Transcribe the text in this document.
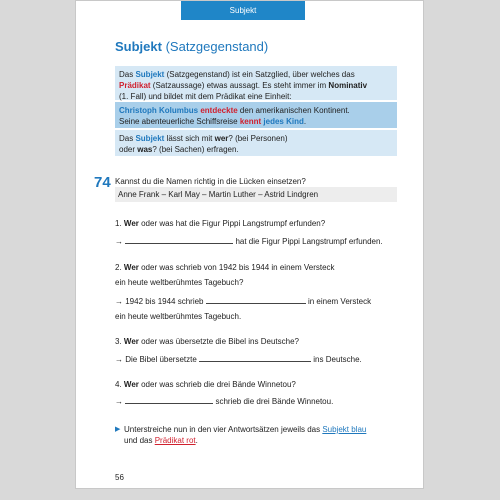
Subjekt
Subjekt (Satzgegenstand)
Das Subjekt (Satzgegenstand) ist ein Satzglied, über welches das
Prädikat (Satzaussage) etwas aussagt. Es steht immer im Nominativ
(1. Fall) und bildet mit dem Prädikat eine Einheit:
Christoph Kolumbus entdeckte den amerikanischen Kontinent.
Seine abenteuerliche Schiffsreise kennt jedes Kind.
Das Subjekt lässt sich mit wer? (bei Personen)
oder was? (bei Sachen) erfragen.
74 Kannst du die Namen richtig in die Lücken einsetzen?
Anne Frank – Karl May – Martin Luther – Astrid Lindgren
1. Wer oder was hat die Figur Pippi Langstrumpf erfunden?
→	hat die Figur Pippi Langstrumpf erfunden.
2. Wer oder was schrieb von 1942 bis 1944 in einem Versteck
ein heute weltberühmtes Tagebuch?
→ 1942 bis 1944 schrieb	in einem Versteck
ein heute weltberühmtes Tagebuch.
3. Wer oder was übersetzte die Bibel ins Deutsche?
→ Die Bibel übersetzte	ins Deutsche.
4. Wer oder was schrieb die drei Bände Winnetou?
→	schrieb die drei Bände Winnetou.
▶ Unterstreiche nun in den vier Antwortsätzen jeweils das Subjekt blau
und das Prädikat rot.
56
